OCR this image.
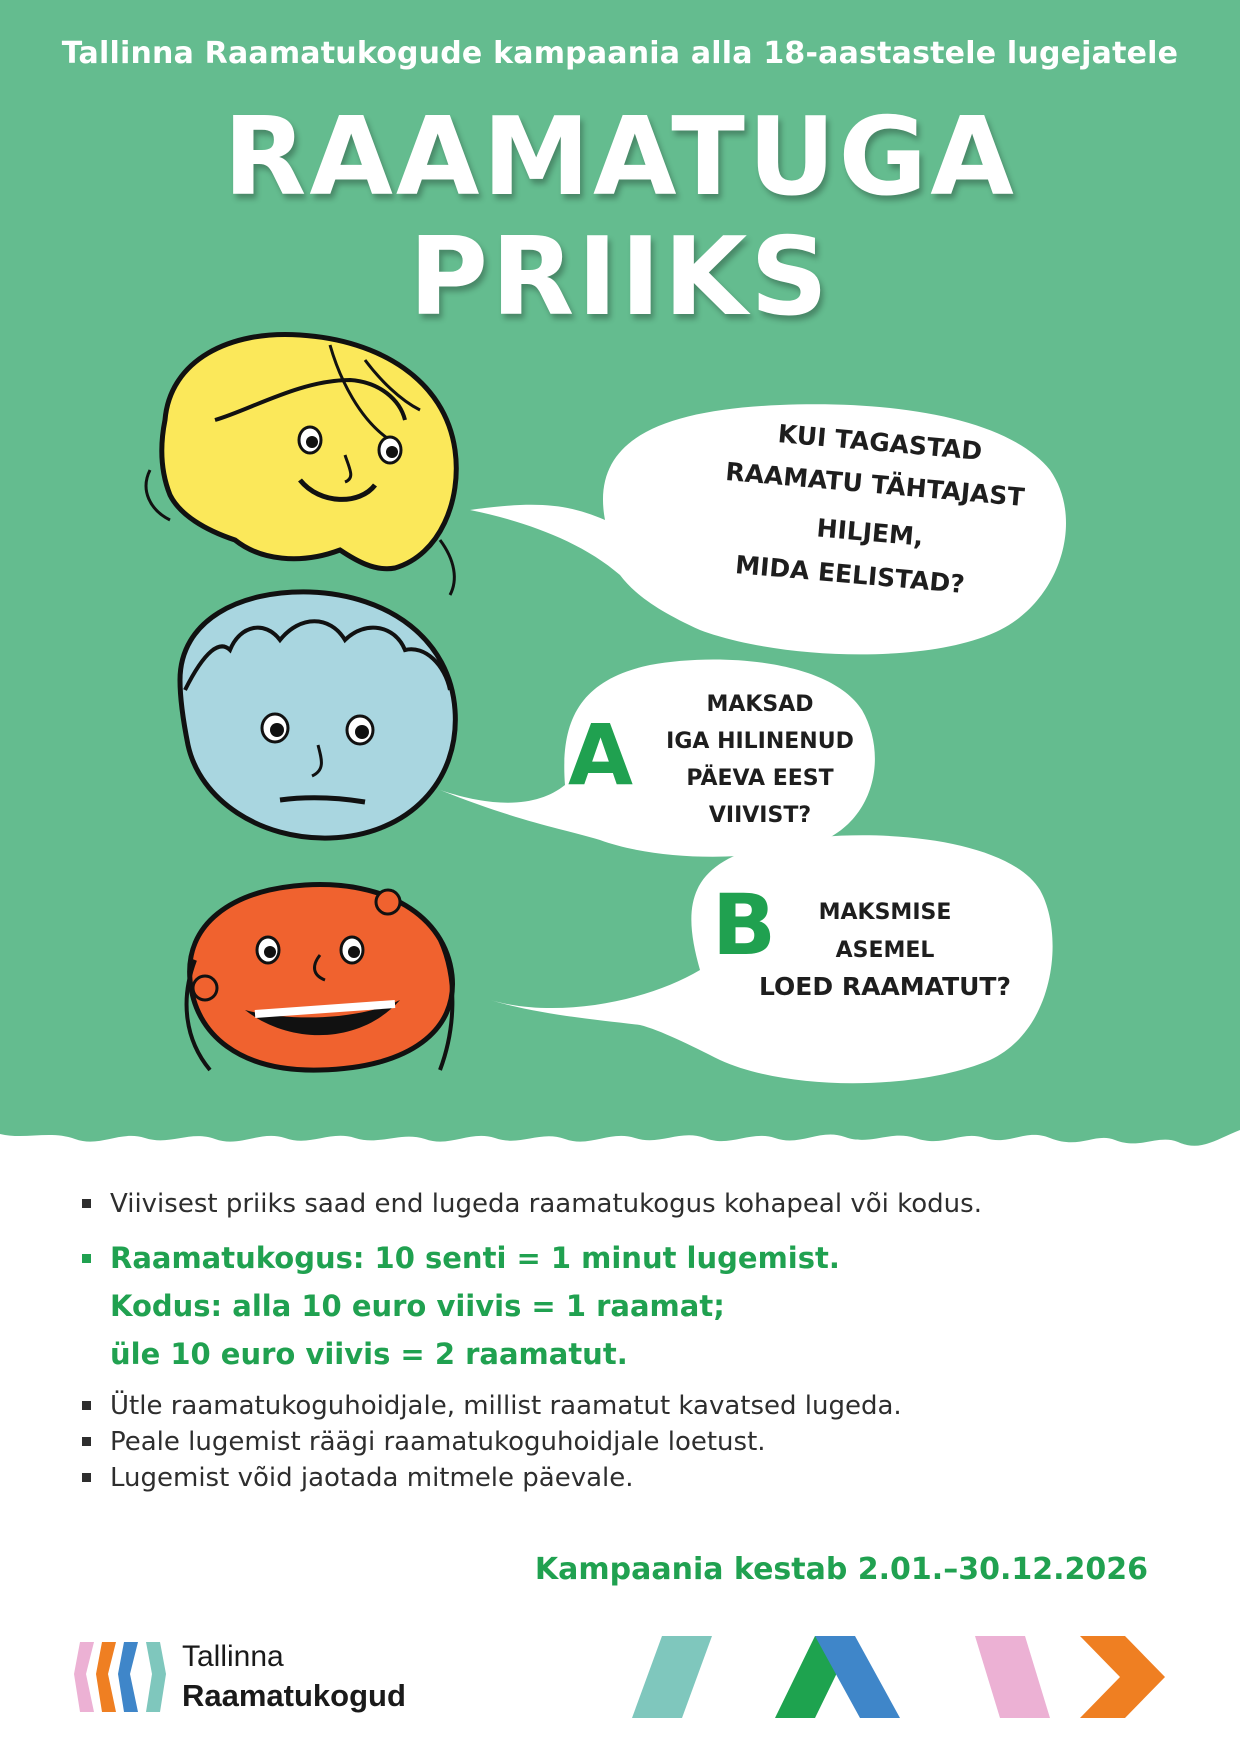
Tallinna Raamatukogude kampaania alla 18-aastastele lugejatele
RAAMATUGA
PRIIKS
KUI TAGASTAD
RAAMATU TÄHTAJAST
HILJEM,
MIDA EELISTAD?
A
MAKSAD
IGA HILINENUD
PÄEVA EEST
VIIVIST?
B	MAKSMISE
ASEMEL
LOED RAAMATUT?
Viivisest priiks saad end lugeda raamatukogus kohapeal või kodus.
Raamatukogus: 10 senti = 1 minut lugemist.
Kodus: alla 10 euro viivis = 1 raamat;
üle 10 euro viivis = 2 raamatut.
Ütle raamatukoguhoidjale, millist raamatut kavatsed lugeda.
Peale lugemist räägi raamatukoguhoidjale loetust.
Lugemist võid jaotada mitmele päevale.
Kampaania kestab 2.01.–30.12.2026
Tallinna
Raamatukogud
